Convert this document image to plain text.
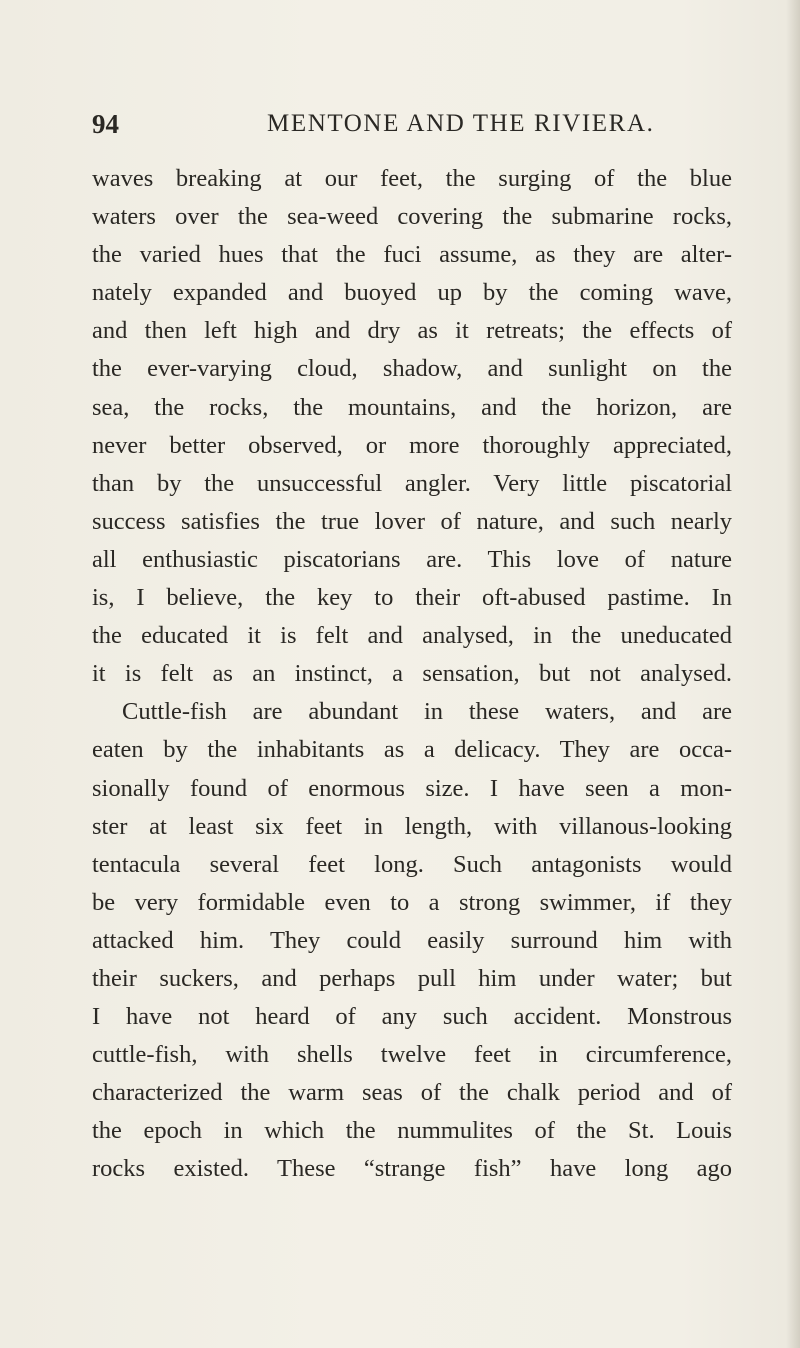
94	MENTONE AND THE RIVIERA.
waves breaking at our feet, the surging of the blue
waters over the sea-weed covering the submarine rocks,
the varied hues that the fuci assume, as they are alter-
nately expanded and buoyed up by the coming wave,
and then left high and dry as it retreats; the effects of
the ever-varying cloud, shadow, and sunlight on the
sea, the rocks, the mountains, and the horizon, are
never better observed, or more thoroughly appreciated,
than by the unsuccessful angler. Very little piscatorial
success satisfies the true lover of nature, and such nearly
all enthusiastic piscatorians are. This love of nature
is, I believe, the key to their oft-abused pastime. In
the educated it is felt and analysed, in the uneducated
it is felt as an instinct, a sensation, but not analysed.
Cuttle-fish are abundant in these waters, and are
eaten by the inhabitants as a delicacy. They are occa-
sionally found of enormous size. I have seen a mon-
ster at least six feet in length, with villanous-looking
tentacula several feet long. Such antagonists would
be very formidable even to a strong swimmer, if they
attacked him. They could easily surround him with
their suckers, and perhaps pull him under water; but
I have not heard of any such accident. Monstrous
cuttle-fish, with shells twelve feet in circumference,
characterized the warm seas of the chalk period and of
the epoch in which the nummulites of the St. Louis
rocks existed. These “strange fish” have long ago
